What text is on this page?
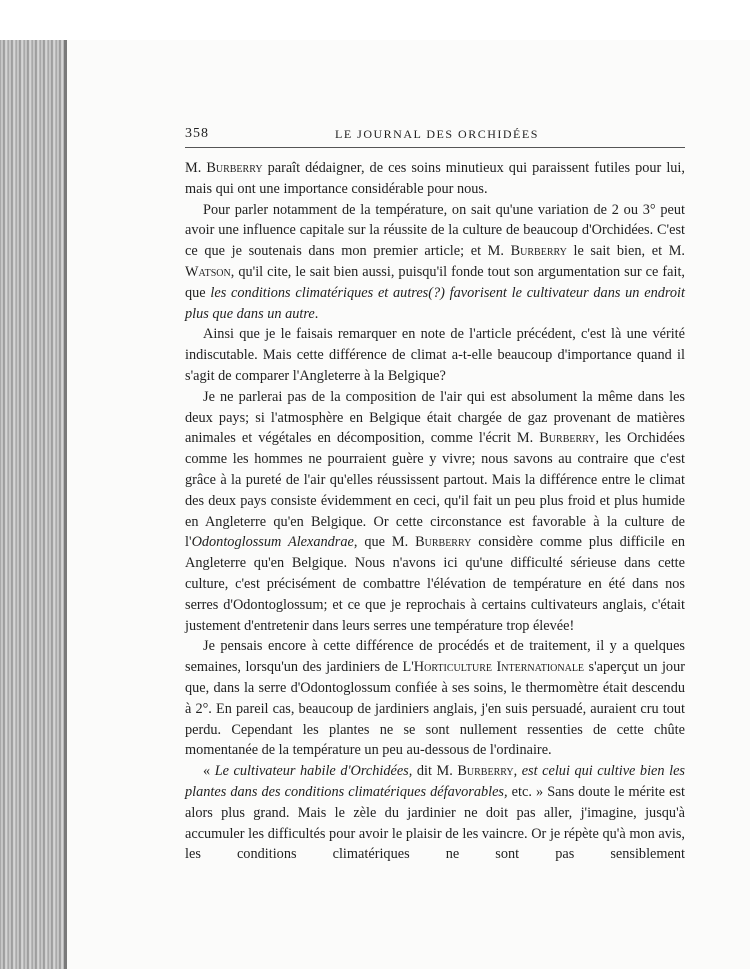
358	LE JOURNAL DES ORCHIDÉES

M. Burberry paraît dédaigner, de ces soins minutieux qui paraissent futiles pour lui, mais qui ont une importance considérable pour nous.

Pour parler notamment de la température, on sait qu'une variation de 2 ou 3° peut avoir une influence capitale sur la réussite de la culture de beaucoup d'Orchidées. C'est ce que je soutenais dans mon premier article; et M. Burberry le sait bien, et M. Watson, qu'il cite, le sait bien aussi, puisqu'il fonde tout son argumentation sur ce fait, que les conditions climatériques et autres(?) favorisent le cultivateur dans un endroit plus que dans un autre.

Ainsi que je le faisais remarquer en note de l'article précédent, c'est là une vérité indiscutable. Mais cette différence de climat a-t-elle beaucoup d'importance quand il s'agit de comparer l'Angleterre à la Belgique?

Je ne parlerai pas de la composition de l'air qui est absolument la même dans les deux pays; si l'atmosphère en Belgique était chargée de gaz provenant de matières animales et végétales en décomposition, comme l'écrit M. Burberry, les Orchidées comme les hommes ne pourraient guère y vivre; nous savons au contraire que c'est grâce à la pureté de l'air qu'elles réussissent partout. Mais la différence entre le climat des deux pays consiste évidemment en ceci, qu'il fait un peu plus froid et plus humide en Angleterre qu'en Belgique. Or cette circonstance est favorable à la culture de l'Odontoglossum Alexandrae, que M. Burberry considère comme plus difficile en Angleterre qu'en Belgique. Nous n'avons ici qu'une difficulté sérieuse dans cette culture, c'est précisément de combattre l'élévation de température en été dans nos serres d'Odontoglossum; et ce que je reprochais à certains cultivateurs anglais, c'était justement d'entretenir dans leurs serres une température trop élevée!

Je pensais encore à cette différence de procédés et de traitement, il y a quelques semaines, lorsqu'un des jardiniers de L'Horticulture Internationale s'aperçut un jour que, dans la serre d'Odontoglossum confiée à ses soins, le thermomètre était descendu à 2°. En pareil cas, beaucoup de jardiniers anglais, j'en suis persuadé, auraient cru tout perdu. Cependant les plantes ne se sont nullement ressenties de cette chûte momentanée de la température un peu au-dessous de l'ordinaire.

« Le cultivateur habile d'Orchidées, dit M. Burberry, est celui qui cultive bien les plantes dans des conditions climatériques défavorables, etc. » Sans doute le mérite est alors plus grand. Mais le zèle du jardinier ne doit pas aller, j'imagine, jusqu'à accumuler les difficultés pour avoir le plaisir de les vaincre. Or je répète qu'à mon avis, les conditions climatériques ne sont pas sensiblement
